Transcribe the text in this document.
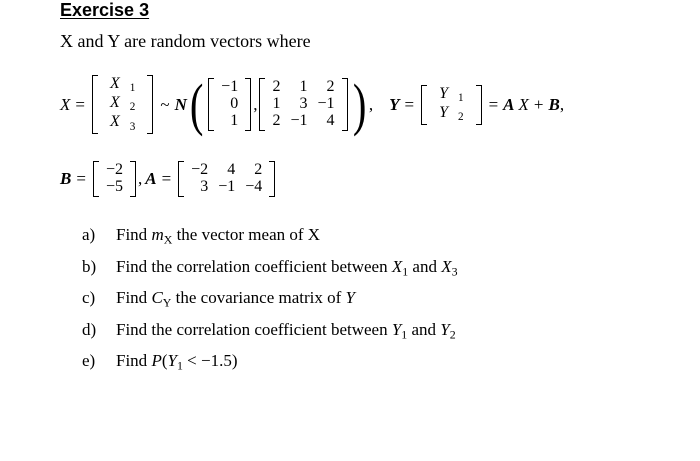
Exercise 3
X and Y are random vectors where
X =
X $_1$
X $_2$
X $_3$
~ N (	−1
0
1
,
2	1	2
1	3 −1
2 −1	4 ) , Y =
Y $_1$
Y $_2$
= A X + B ,
B =	−2
−5 , A =	−2	4	2
3 −1 −4
a)	Find $m_X$ the vector mean of X
b)	Find the correlation coefficient between $X_1$ and $X_3$
c)	Find $C_Y$ the covariance matrix of Y
d)	Find the correlation coefficient between $Y_1$ and $Y_2$
e)	Find $P(Y_1 < -1.5)$
